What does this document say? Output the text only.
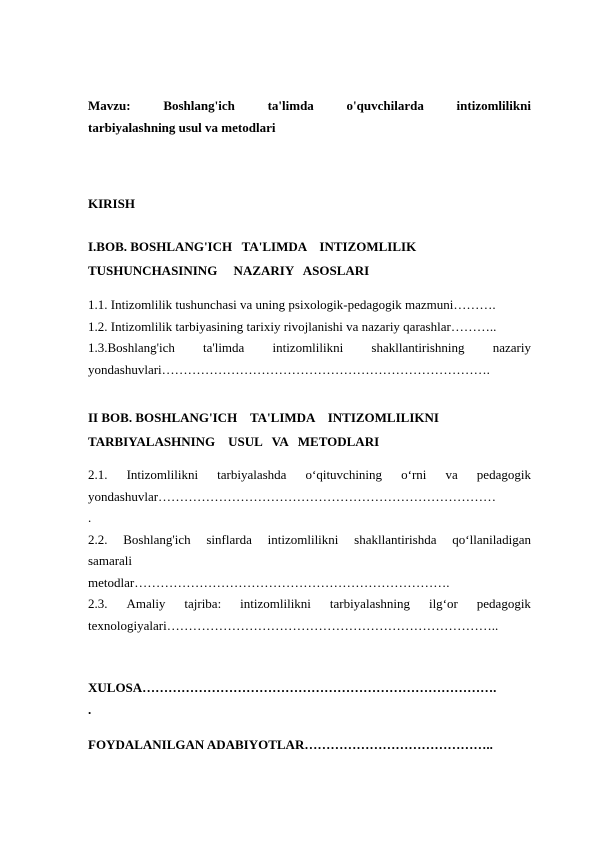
Mavzu:	Boshlang'ich	ta'limda	o'quvchilarda	intizomlilikni
tarbiyalashning usul va metodlari
KIRISH
I.BOB. BOSHLANG'ICH   TA'LIMDA    INTIZOMLILIK
TUSHUNCHASINING     NAZARIY   ASOSLARI
1.1. Intizomlilik tushunchasi va uning psixologik-pedagogik mazmuni……….
1.2. Intizomlilik tarbiyasining tarixiy rivojlanishi va nazariy qarashlar………..
1.3.Boshlang'ich ta'limda intizomlilikni shakllantirishning nazariy
yondashuvlari………………………………………………………………….
II BOB. BOSHLANG'ICH    TA'LIMDA    INTIZOMLILIKNI
TARBIYALASHNING    USUL   VA   METODLARI
2.1. Intizomlilikni tarbiyalashda o‘qituvchining o‘rni va pedagogik
yondashuvlar……………………………………………………………………
.
2.2. Boshlang'ich sinflarda intizomlilikni shakllantirishda qo‘llaniladigan
samarali
metodlar……………………………………………………………….
2.3. Amaliy tajriba: intizomlilikni tarbiyalashning ilg‘or pedagogik
texnologiyalari…………………………………………………………………..
XULOSA……………………………………………………………………….
.
FOYDALANILGAN ADABIYOTLAR……………………………………..
